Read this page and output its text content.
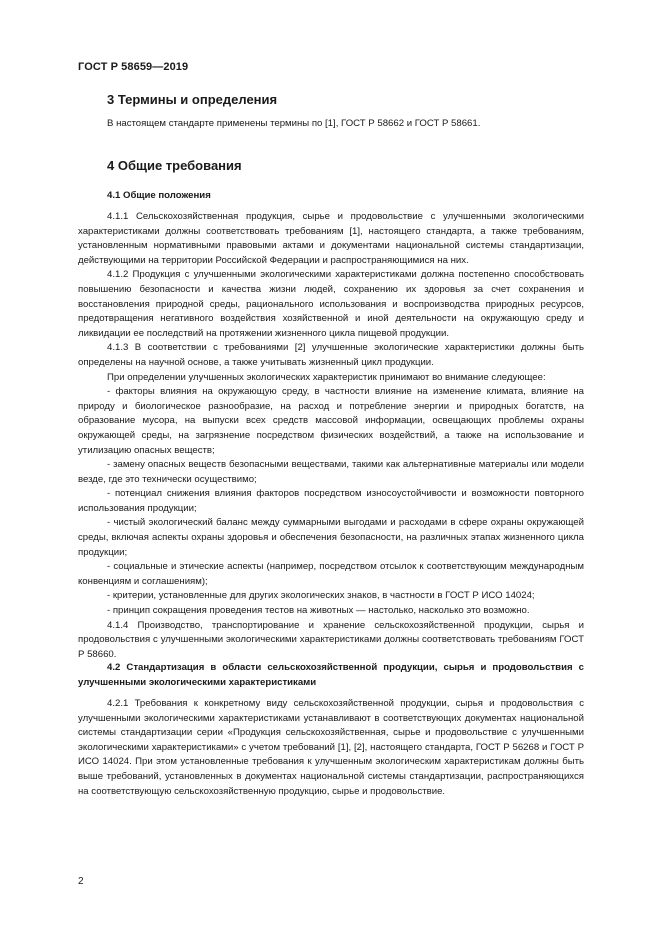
ГОСТ Р 58659—2019
3 Термины и определения
В настоящем стандарте применены термины по [1], ГОСТ Р 58662 и ГОСТ Р 58661.
4 Общие требования
4.1 Общие положения

4.1.1 Сельскохозяйственная продукция, сырье и продовольствие с улучшенными экологическими характеристиками должны соответствовать требованиям [1], настоящего стандарта, а также требованиям, установленным нормативными правовыми актами и документами национальной системы стандартизации, действующими на территории Российской Федерации и распространяющимися на них.

4.1.2 Продукция с улучшенными экологическими характеристиками должна постепенно способствовать повышению безопасности и качества жизни людей, сохранению их здоровья за счет сохранения и восстановления природной среды, рационального использования и воспроизводства природных ресурсов, предотвращения негативного воздействия хозяйственной и иной деятельности на окружающую среду и ликвидации ее последствий на протяжении жизненного цикла пищевой продукции.

4.1.3 В соответствии с требованиями [2] улучшенные экологические характеристики должны быть определены на научной основе, а также учитывать жизненный цикл продукции.

При определении улучшенных экологических характеристик принимают во внимание следующее:

- факторы влияния на окружающую среду, в частности влияние на изменение климата, влияние на природу и биологическое разнообразие, на расход и потребление энергии и природных богатств, на образование мусора, на выпуски всех средств массовой информации, освещающих проблемы охраны окружающей среды, на загрязнение посредством физических воздействий, а также на использование и утилизацию опасных веществ;

- замену опасных веществ безопасными веществами, такими как альтернативные материалы или модели везде, где это технически осуществимо;

- потенциал снижения влияния факторов посредством износоустойчивости и возможности повторного использования продукции;

- чистый экологический баланс между суммарными выгодами и расходами в сфере охраны окружающей среды, включая аспекты охраны здоровья и обеспечения безопасности, на различных этапах жизненного цикла продукции;

- социальные и этические аспекты (например, посредством отсылок к соответствующим международным конвенциям и соглашениям);

- критерии, установленные для других экологических знаков, в частности в ГОСТ Р ИСО 14024;

- принцип сокращения проведения тестов на животных — настолько, насколько это возможно.

4.1.4 Производство, транспортирование и хранение сельскохозяйственной продукции, сырья и продовольствия с улучшенными экологическими характеристиками должны соответствовать требованиям ГОСТ Р 58660.

4.2 Стандартизация в области сельскохозяйственной продукции, сырья и продовольствия с улучшенными экологическими характеристиками

4.2.1 Требования к конкретному виду сельскохозяйственной продукции, сырья и продовольствия с улучшенными экологическими характеристиками устанавливают в соответствующих документах национальной системы стандартизации серии «Продукция сельскохозяйственная, сырье и продовольствие с улучшенными экологическими характеристиками» с учетом требований [1], [2], настоящего стандарта, ГОСТ Р 56268 и ГОСТ Р ИСО 14024. При этом установленные требования к улучшенным экологическим характеристикам должны быть выше требований, установленных в документах национальной системы стандартизации, распространяющихся на соответствующую сельскохозяйственную продукцию, сырье и продовольствие.

2
